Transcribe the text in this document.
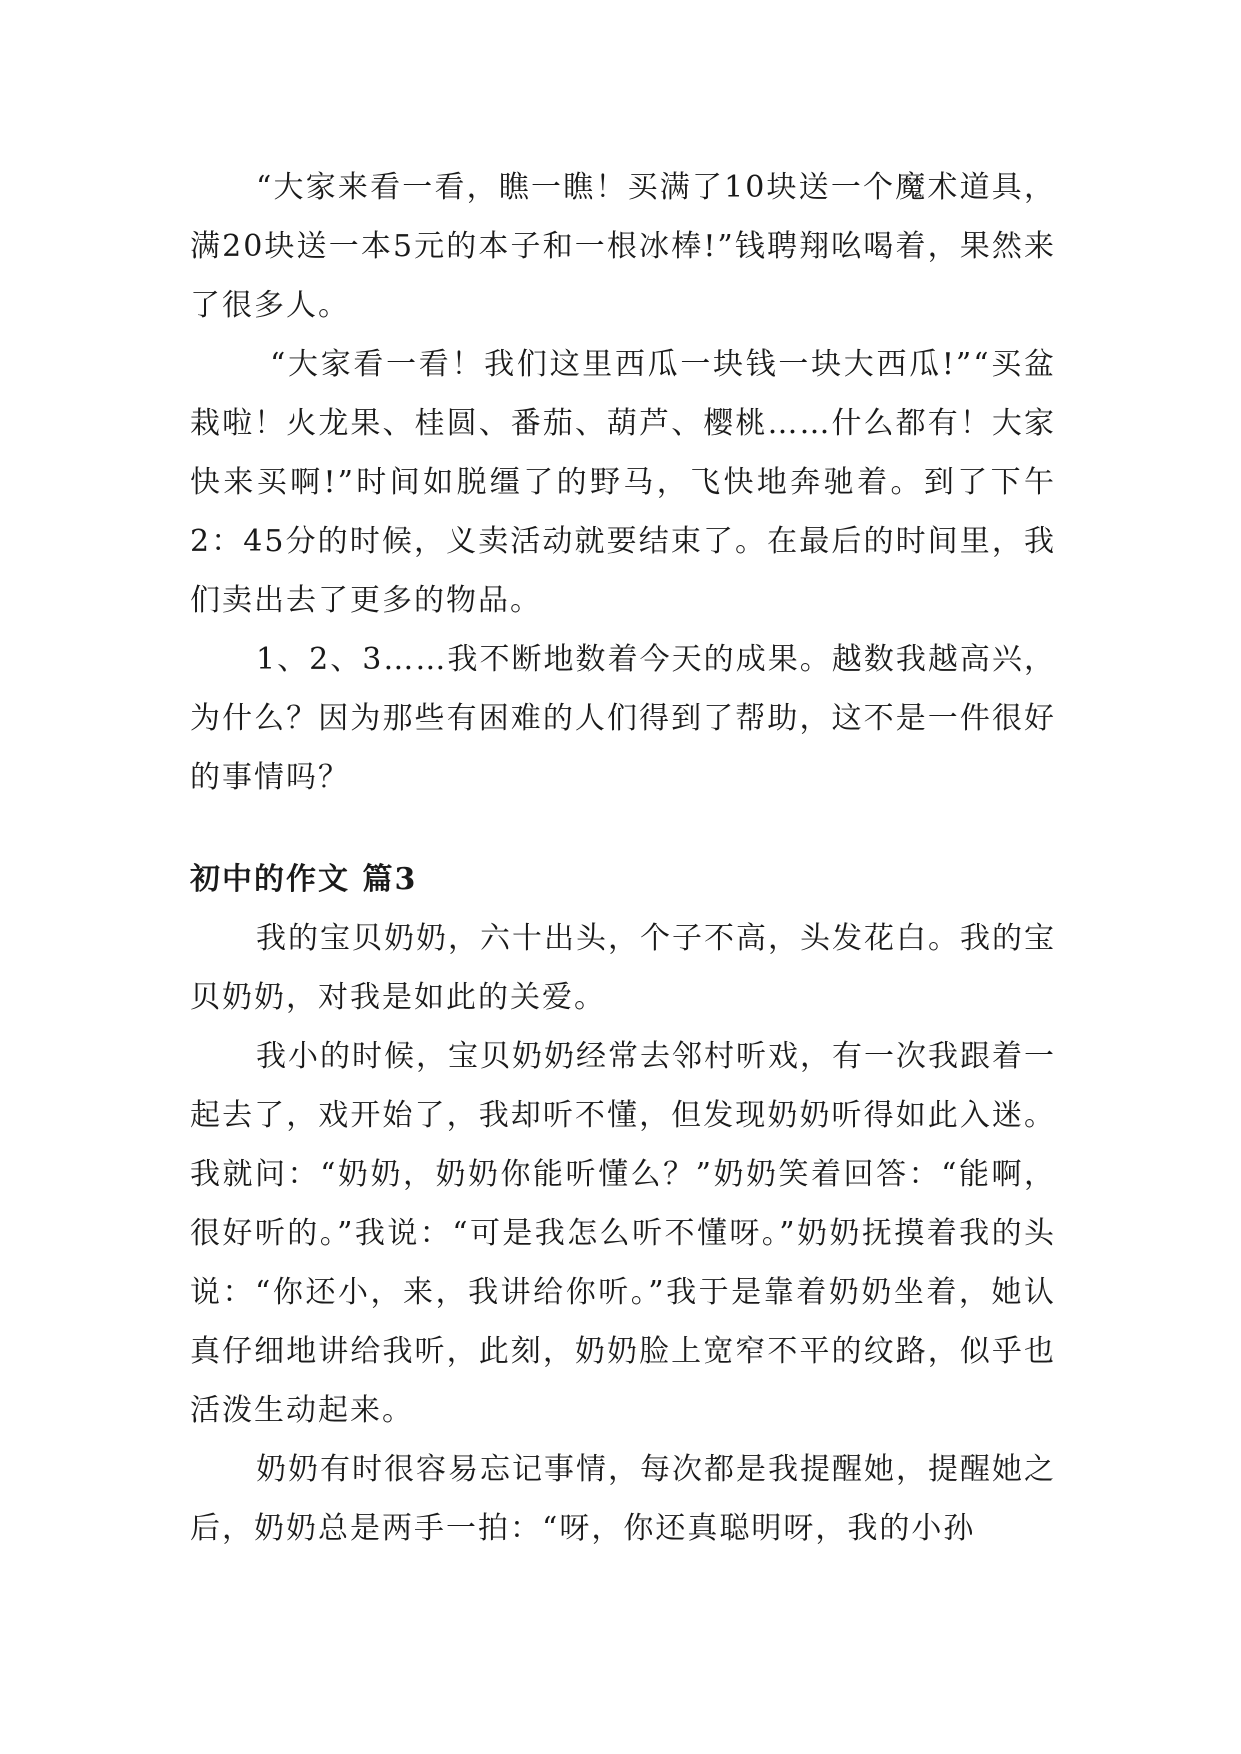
“大家来看一看，瞧一瞧！买满了10块送一个魔术道具，满20块送一本5元的本子和一根冰棒!”钱聘翔吆喝着，果然来了很多人。

“大家看一看！我们这里西瓜一块钱一块大西瓜!”“买盆栽啦！火龙果、桂圆、番茄、葫芦、樱桃……什么都有！大家快来买啊!”时间如脱缰了的野马，飞快地奔驰着。到了下午2：45分的时候，义卖活动就要结束了。在最后的时间里，我们卖出去了更多的物品。

1、2、3……我不断地数着今天的成果。越数我越高兴，为什么？因为那些有困难的人们得到了帮助，这不是一件很好的事情吗？

初中的作文 篇3

我的宝贝奶奶，六十出头，个子不高，头发花白。我的宝贝奶奶，对我是如此的关爱。

我小的时候，宝贝奶奶经常去邻村听戏，有一次我跟着一起去了，戏开始了，我却听不懂，但发现奶奶听得如此入迷。我就问：“奶奶，奶奶你能听懂么？”奶奶笑着回答：“能啊，很好听的。”我说：“可是我怎么听不懂呀。”奶奶抚摸着我的头说：“你还小，来，我讲给你听。”我于是靠着奶奶坐着，她认真仔细地讲给我听，此刻，奶奶脸上宽窄不平的纹路，似乎也活泼生动起来。

奶奶有时很容易忘记事情，每次都是我提醒她，提醒她之后，奶奶总是两手一拍：“呀，你还真聪明呀，我的小孙
